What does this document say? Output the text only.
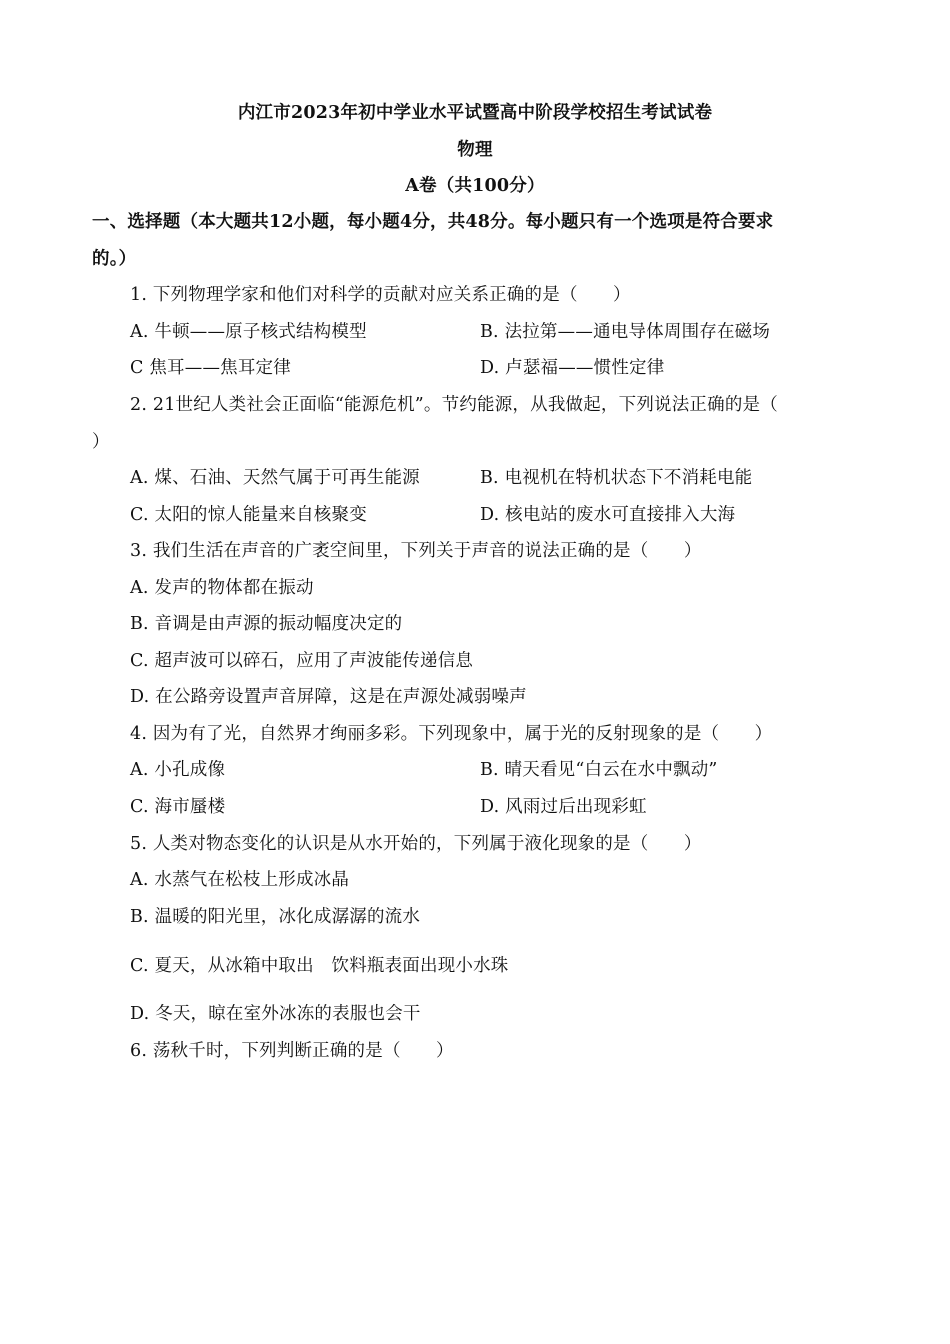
内江市2023年初中学业水平试暨高中阶段学校招生考试试卷
物理
A卷（共100分）
一、选择题（本大题共12小题，每小题4分，共48分。每小题只有一个选项是符合要求
的。）
1. 下列物理学家和他们对科学的贡献对应关系正确的是（　　）
A. 牛顿——原子核式结构模型	B. 法拉第——通电导体周围存在磁场
C 焦耳——焦耳定律	D. 卢瑟福——惯性定律
2. 21世纪人类社会正面临“能源危机”。节约能源，从我做起，下列说法正确的是（
）
A. 煤、石油、天然气属于可再生能源	B. 电视机在特机状态下不消耗电能
C. 太阳的惊人能量来自核聚变	D. 核电站的废水可直接排入大海
3. 我们生活在声音的广袤空间里，下列关于声音的说法正确的是（　　）
A. 发声的物体都在振动
B. 音调是由声源的振动幅度决定的
C. 超声波可以碎石，应用了声波能传递信息
D. 在公路旁设置声音屏障，这是在声源处减弱噪声
4. 因为有了光，自然界才绚丽多彩。下列现象中，属于光的反射现象的是（　　）
A. 小孔成像	B. 晴天看见“白云在水中飘动”
C. 海市蜃楼	D. 风雨过后出现彩虹
5. 人类对物态变化的认识是从水开始的，下列属于液化现象的是（　　）
A. 水蒸气在松枝上形成冰晶
B. 温暖的阳光里，冰化成潺潺的流水
C. 夏天，从冰箱中取出　饮料瓶表面出现小水珠
D. 冬天，晾在室外冰冻的表服也会干
6. 荡秋千时，下列判断正确的是（　　）
